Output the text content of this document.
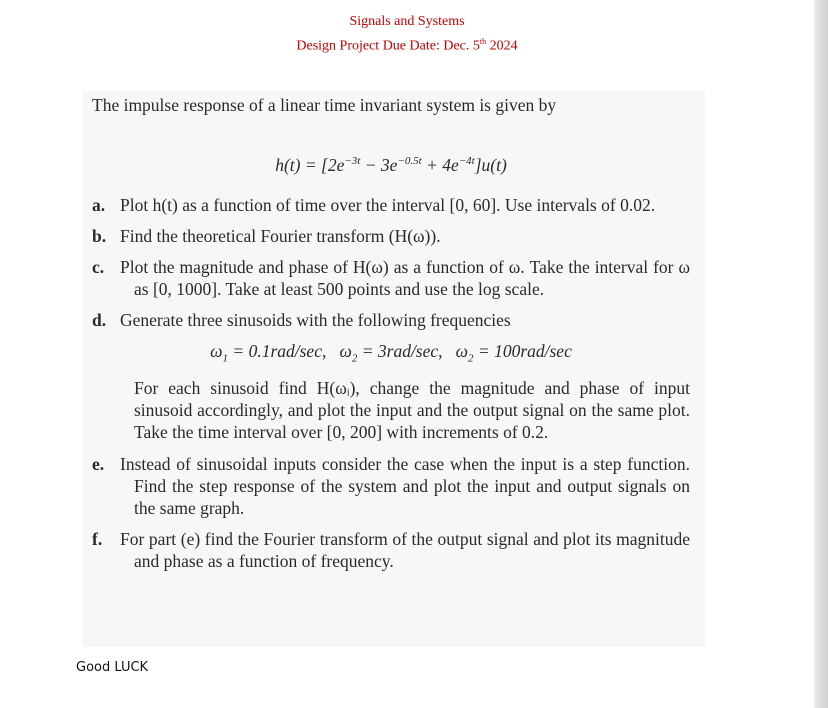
Signals and Systems
Design Project Due Date: Dec. 5th 2024

The impulse response of a linear time invariant system is given by

$h(t) = [2e^{-3t} - 3e^{-0.5t} + 4e^{-4t}]u(t)$
a. Plot h(t) as a function of time over the interval [0, 60]. Use intervals of 0.02.
b. Find the theoretical Fourier transform (H(ω)).
c. Plot the magnitude and phase of H(ω) as a function of ω. Take the interval for ω as [0, 1000]. Take at least 500 points and use the log scale.
d. Generate three sinusoids with the following frequencies
$\omega_1 = 0.1rad/\sec$, $\omega_2 = 3rad/\sec$, $\omega_2 = 100rad/\sec$
For each sinusoid find H(ωᵢ), change the magnitude and phase of input sinusoid accordingly, and plot the input and the output signal on the same plot. Take the time interval over [0, 200] with increments of 0.2.
e. Instead of sinusoidal inputs consider the case when the input is a step function. Find the step response of the system and plot the input and output signals on the same graph.
f. For part (e) find the Fourier transform of the output signal and plot its magnitude and phase as a function of frequency.
Good LUCK
